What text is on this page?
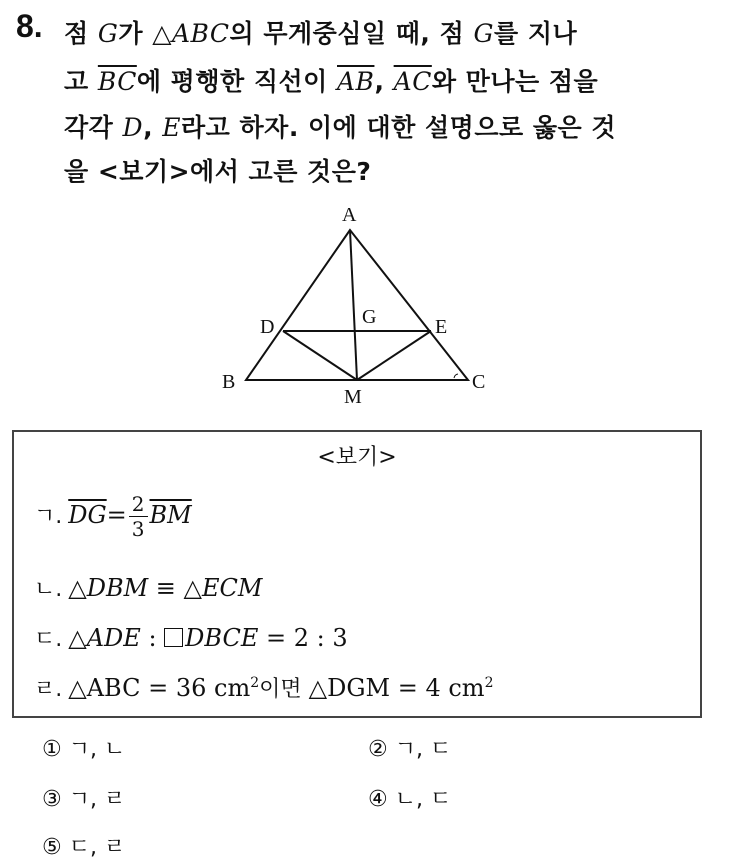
8. 점 G가 △ABC의 무게중심일 때, 점 G를 지나
고 $\overline{BC}$에 평행한 직선이 $\overline{AB}$, $\overline{AC}$와 만나는 점을
각각 D, E라고 하자. 이에 대한 설명으로 옳은 것
을 <보기>에서 고른 것은?
A
B	C
D	E
G
M
<보기>
ㄱ. $\overline{DG}= \frac{2}{3} \overline{BM}$
ㄴ. △DBM ≡ △ECM
ㄷ. △ADE : DBCE = 2 : 3
ㄹ. △ABC = 36 $cm^2$이면 △DGM = 4 $cm^2$
① ㄱ, ㄴ	② ㄱ, ㄷ
③ ㄱ, ㄹ	④ ㄴ, ㄷ
⑤ ㄷ, ㄹ
